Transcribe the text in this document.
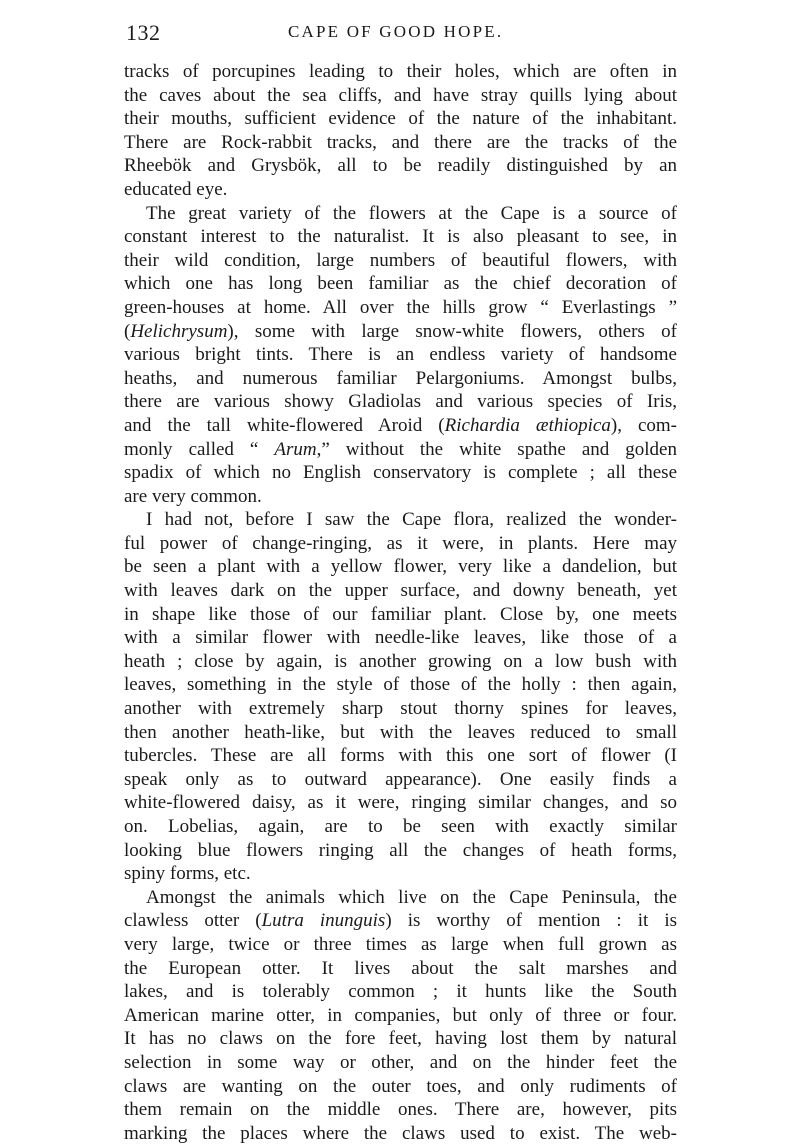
132	CAPE OF GOOD HOPE.
tracks of porcupines leading to their holes, which are often in
the caves about the sea cliffs, and have stray quills lying about
their mouths, sufficient evidence of the nature of the inhabitant.
There are Rock-rabbit tracks, and there are the tracks of the
Rheebök and Grysbök, all to be readily distinguished by an
educated eye.
The great variety of the flowers at the Cape is a source of
constant interest to the naturalist. It is also pleasant to see, in
their wild condition, large numbers of beautiful flowers, with
which one has long been familiar as the chief decoration of
green-houses at home. All over the hills grow “ Everlastings ”
(Helichrysum), some with large snow-white flowers, others of
various bright tints. There is an endless variety of handsome
heaths, and numerous familiar Pelargoniums. Amongst bulbs,
there are various showy Gladiolas and various species of Iris,
and the tall white-flowered Aroid (Richardia æthiopica), com-
monly called “ Arum,” without the white spathe and golden
spadix of which no English conservatory is complete ; all these
are very common.
I had not, before I saw the Cape flora, realized the wonder-
ful power of change-ringing, as it were, in plants. Here may
be seen a plant with a yellow flower, very like a dandelion, but
with leaves dark on the upper surface, and downy beneath, yet
in shape like those of our familiar plant. Close by, one meets
with a similar flower with needle-like leaves, like those of a
heath ; close by again, is another growing on a low bush with
leaves, something in the style of those of the holly : then again,
another with extremely sharp stout thorny spines for leaves,
then another heath-like, but with the leaves reduced to small
tubercles. These are all forms with this one sort of flower (I
speak only as to outward appearance). One easily finds a
white-flowered daisy, as it were, ringing similar changes, and so
on. Lobelias, again, are to be seen with exactly similar
looking blue flowers ringing all the changes of heath forms,
spiny forms, etc.
Amongst the animals which live on the Cape Peninsula, the
clawless otter (Lutra inunguis) is worthy of mention : it is
very large, twice or three times as large when full grown as
the European otter. It lives about the salt marshes and
lakes, and is tolerably common ; it hunts like the South
American marine otter, in companies, but only of three or four.
It has no claws on the fore feet, having lost them by natural
selection in some way or other, and on the hinder feet the
claws are wanting on the outer toes, and only rudiments of
them remain on the middle ones. There are, however, pits
marking the places where the claws used to exist. The web-
